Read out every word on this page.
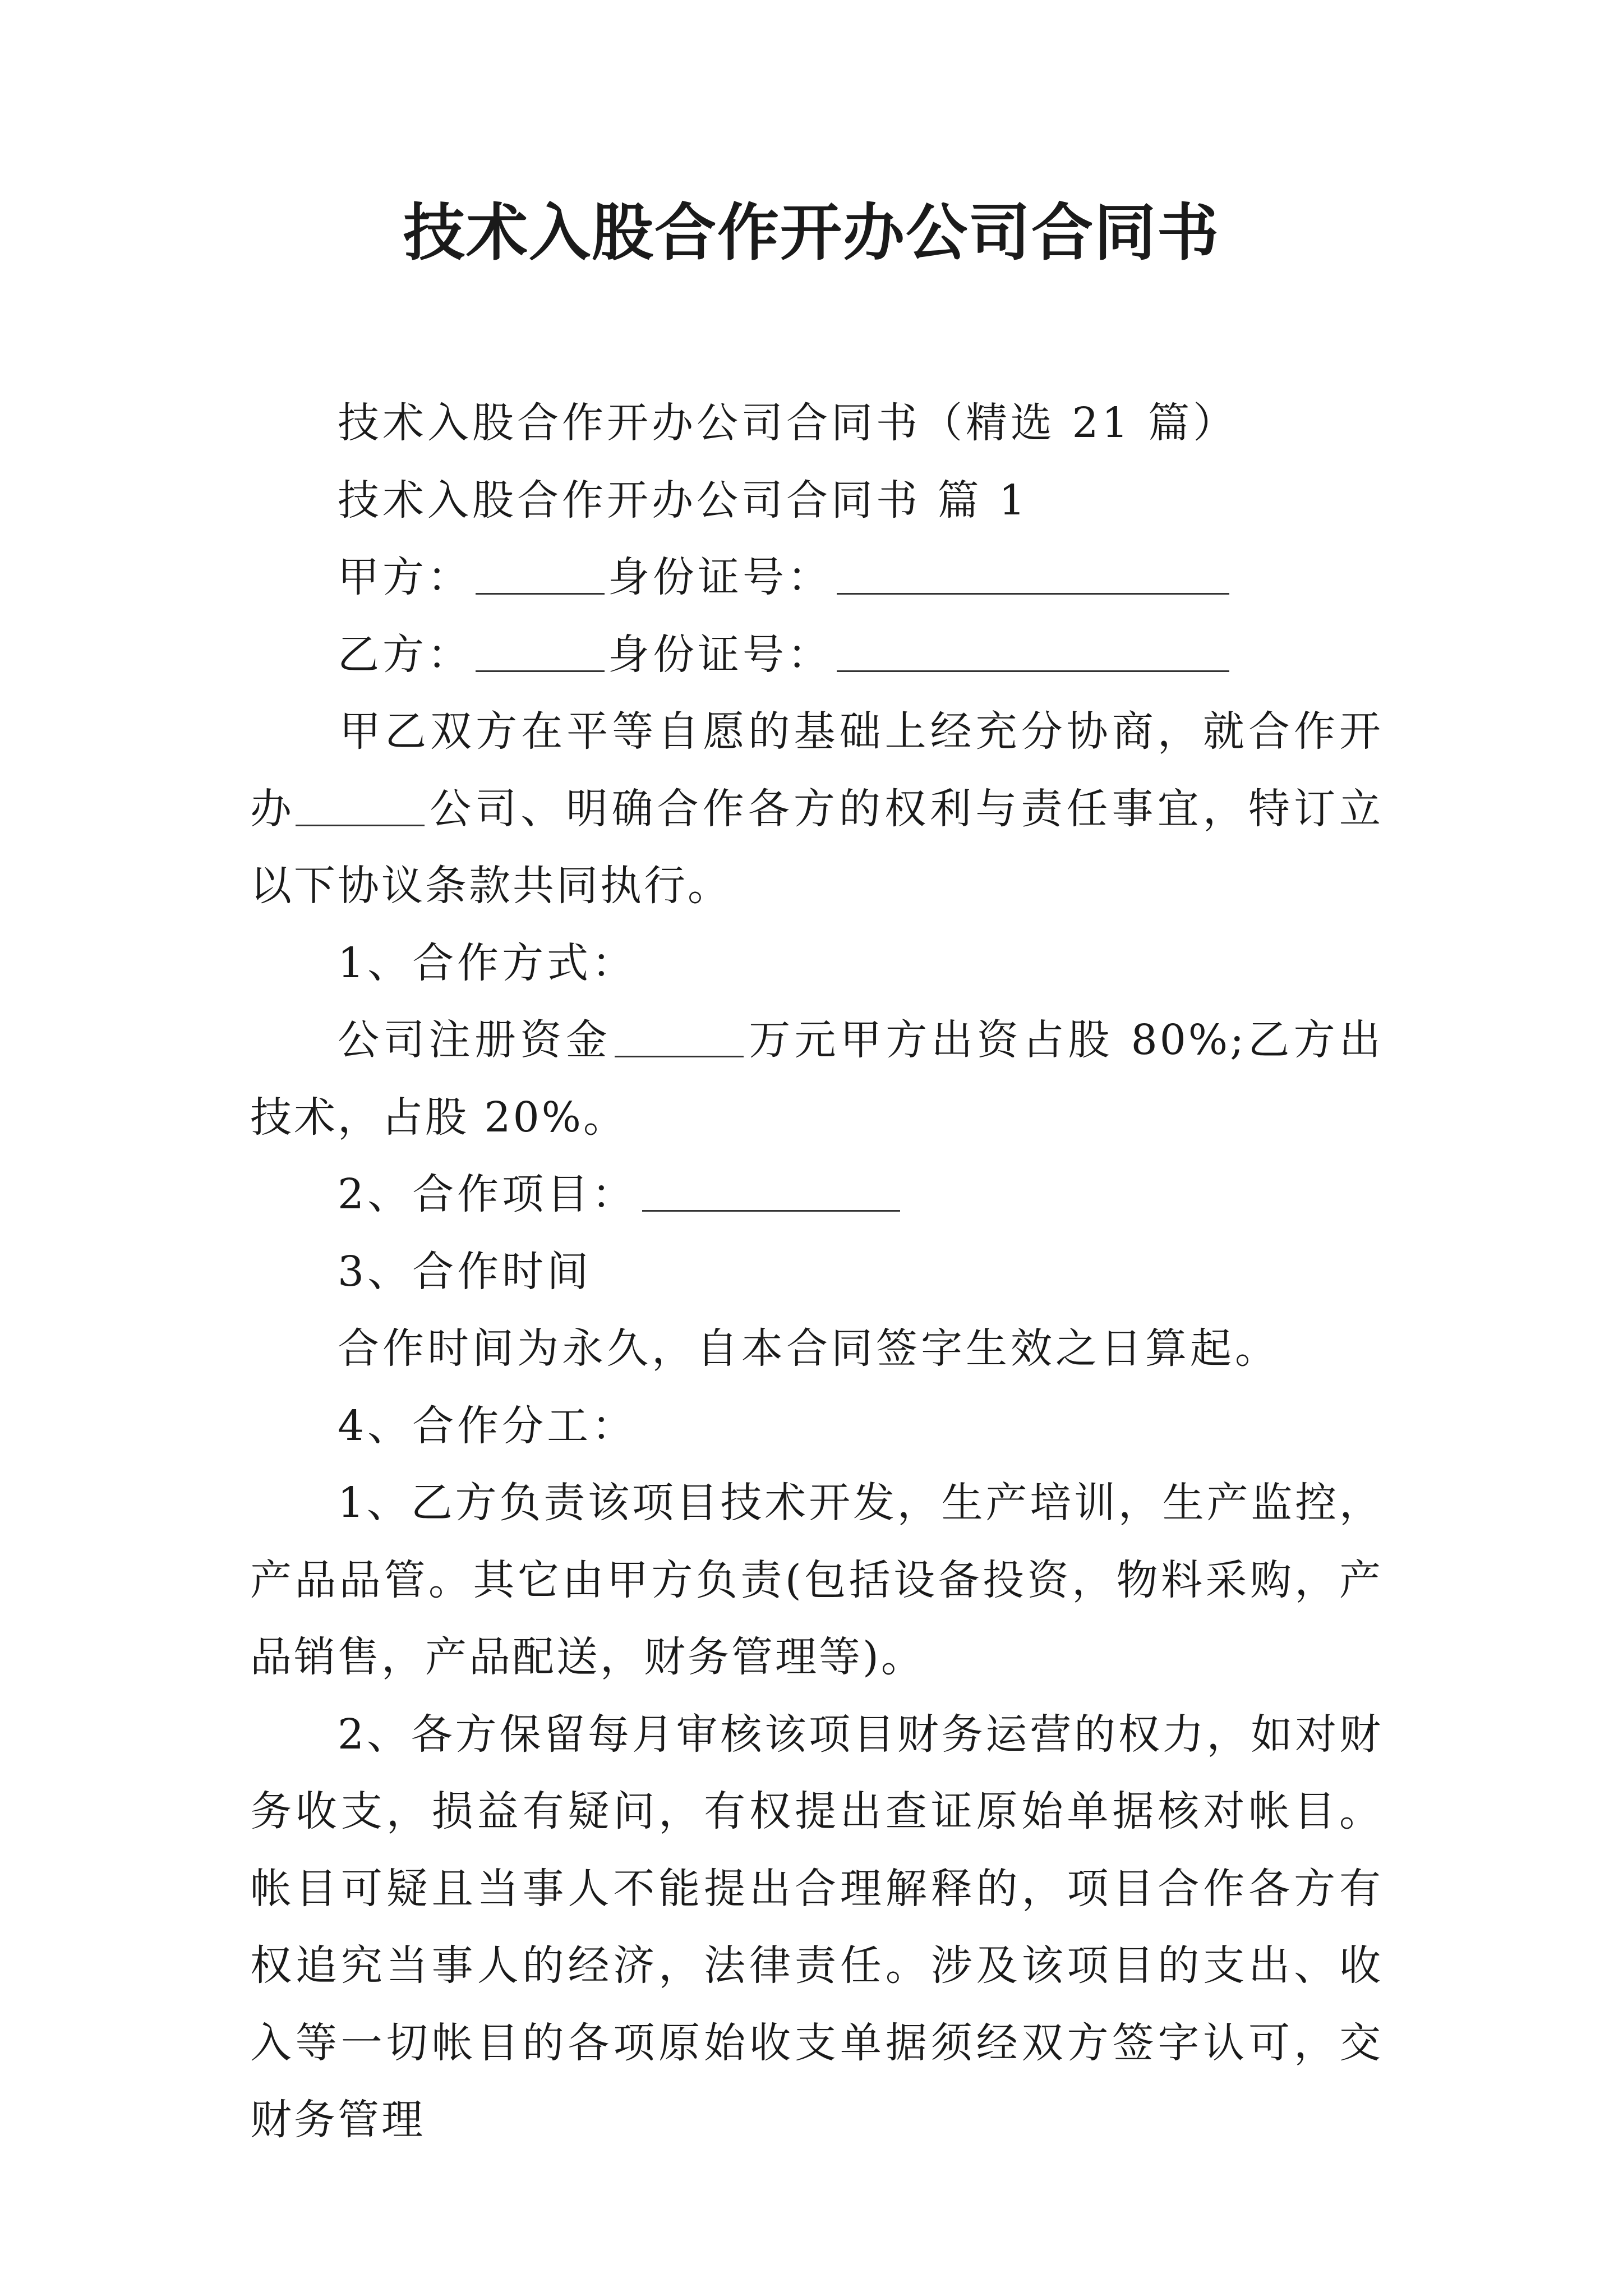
技术入股合作开办公司合同书

技术入股合作开办公司合同书（精选 21 篇）

技术入股合作开办公司合同书 篇 1

甲方：	身份证号：

乙方：	身份证号：

甲乙双方在平等自愿的基础上经充分协商，就合作开办	公司、明确合作各方的权利与责任事宜，特订立以下协议条款共同执行。

1、合作方式：

公司注册资金	万元甲方出资占股 80%;乙方出技术，占股 20%。

2、合作项目：

3、合作时间

合作时间为永久，自本合同签字生效之日算起。

4、合作分工：

1、乙方负责该项目技术开发，生产培训，生产监控，产品品管。其它由甲方负责(包括设备投资，物料采购，产品销售，产品配送，财务管理等)。

2、各方保留每月审核该项目财务运营的权力，如对财务收支，损益有疑问，有权提出查证原始单据核对帐目。帐目可疑且当事人不能提出合理解释的，项目合作各方有权追究当事人的经济，法律责任。涉及该项目的支出、收入等一切帐目的各项原始收支单据须经双方签字认可，交财务管理
